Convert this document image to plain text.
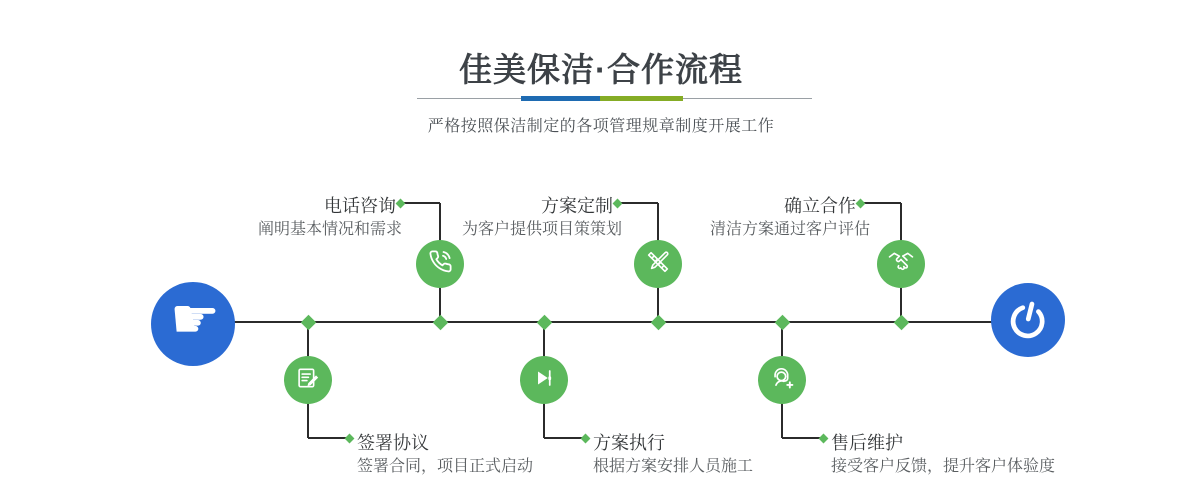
佳美保洁·合作流程
严格按照保洁制定的各项管理规章制度开展工作
电话咨询
阐明基本情况和需求
方案定制
为客户提供项目策策划
确立合作
清洁方案通过客户评估
签署协议
签署合同，项目正式启动
方案执行
根据方案安排人员施工
售后维护
接受客户反馈，提升客户体验度
☛
